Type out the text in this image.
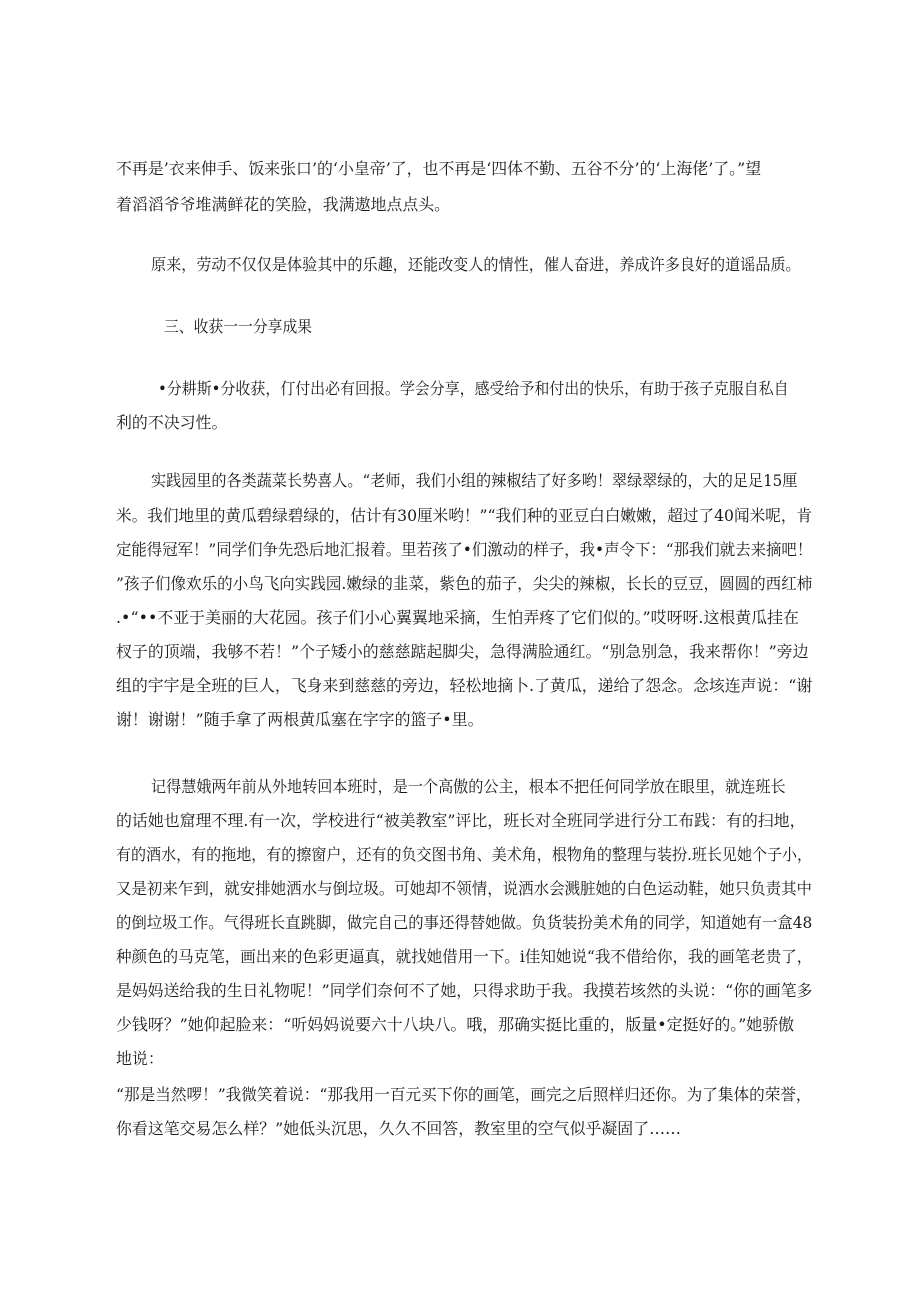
不再是’衣来伸手、饭来张口’的‘小皇帝’了，也不再是‘四体不勤、五谷不分’的‘上海佬’了。”望
着滔滔爷爷堆满鲜花的笑脸，我满遨地点点头。
原来，劳动不仅仅是体验其中的乐趣，还能改变人的情性，催人奋进，养成许多良好的道谣品质。
三、收获一一分享成果
•分耕斯•分收获，仃付出必有回报。学会分享，感受给予和付出的快乐，有助于孩子克服自私自
利的不决习性。
实践园里的各类蔬菜长势喜人。“老师，我们小组的辣椒结了好多哟！翠绿翠绿的，大的足足15厘
米。我们地里的黄瓜碧绿碧绿的，估计有30厘米哟！”“我们种的亚豆白白嫩嫩，超过了40闻米呢，肯
定能得冠军！”同学们争先恐后地汇报着。里若孩了•们激动的样子，我•声令下：“那我们就去来摘吧！
”孩子们像欢乐的小鸟飞向实践园.嫩绿的韭菜，紫色的茄子，尖尖的辣椒，长长的豆豆，圆圆的西红柿
.•“••不亚于美丽的大花园。孩子们小心翼翼地采摘，生怕弄疼了它们似的。”哎呀呀.这根黄瓜挂在
杈子的顶端，我够不若！”个子矮小的慈慈踮起脚尖，急得满脸通红。“别急别急，我来帮你！”旁边
组的宇宇是全班的巨人，飞身来到慈慈的旁边，轻松地摘卜.了黄瓜，递给了怨念。念垓连声说：“谢
谢！谢谢！”随手拿了两根黄瓜塞在字字的篮子•里。
记得慧娥两年前从外地转回本班时，是一个高傲的公主，根本不把任何同学放在眼里，就连班长
的话她也窟理不理.有一次，学校进行“被美教室”评比，班长对全班同学进行分工布践：有的扫地，
有的酒水，有的拖地，有的擦窗户，还有的负交图书角、美术角，根物角的整理与装扮.班长见她个子小，
又是初来乍到，就安排她洒水与倒垃圾。可她却不领情，说洒水会溅脏她的白色运动鞋，她只负责其中
的倒垃圾工作。气得班长直跳脚，做完自己的事还得替她做。负货装扮美术角的同学，知道她有一盒48
种颜色的马克笔，画出来的色彩更逼真，就找她借用一下。i佳知她说“我不借给你，我的画笔老贵了，
是妈妈送给我的生日礼物呢！”同学们奈何不了她，只得求助于我。我摸若垓然的头说：“你的画笔多
少钱呀？”她仰起脸来：“听妈妈说要六十八块八。哦，那确实挺比重的，版量•定挺好的。”她骄傲
地说：
“那是当然啰！”我微笑着说：“那我用一百元买下你的画笔，画完之后照样归还你。为了集体的荣誉，
你看这笔交易怎么样？”她低头沉思，久久不回答，教室里的空气似乎凝固了……
